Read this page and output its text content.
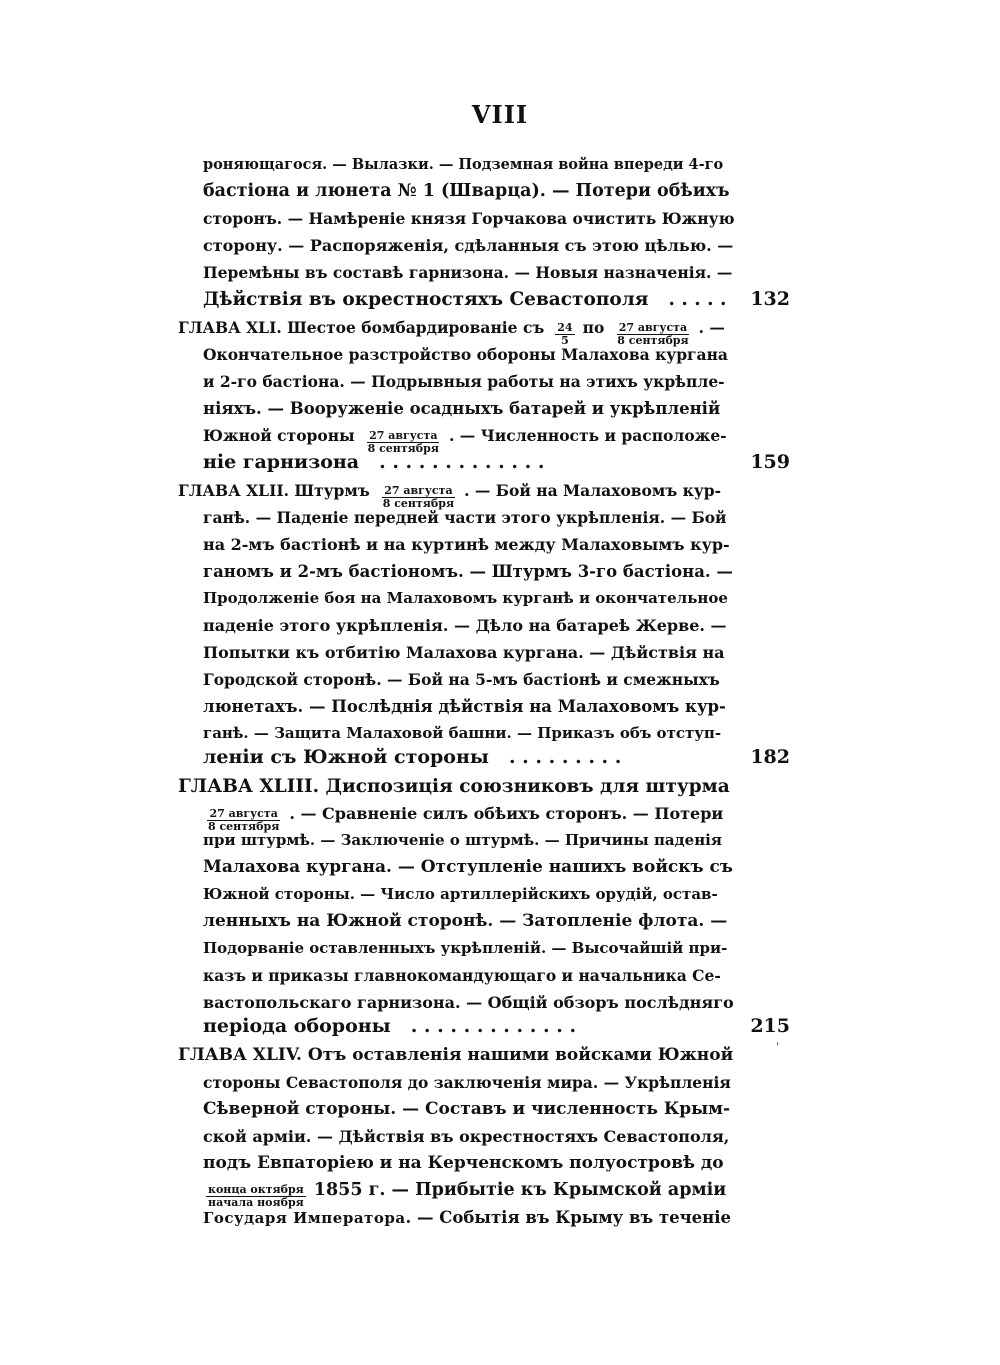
VIII
роняющагося. — Вылазки. — Подземная война впереди 4-го
бастіона и люнета № 1 (Шварца). — Потери обѣихъ
сторонъ. — Намѣреніе князя Горчакова очистить Южную
сторону. — Распоряженія, сдѣланныя съ этою цѣлью. —
Перемѣны въ составѣ гарнизона. — Новыя назначенія. —
Дѣйствія въ окрестностяхъ Севастополя . . . . . 132
ГЛАВА XLI. Шестое бомбардированіе съ $\frac{24}{5}$ по $\frac{\text{27 августа}}{\text{8 сентября}}$ . —
Окончательное разстройство обороны Малахова кургана
и 2-го бастіона. — Подрывныя работы на этихъ укрѣпле-
ніяхъ. — Вооруженіе осадныхъ батарей и укрѣпленій
Южной стороны $\frac{\text{27 августа}}{\text{8 сентября}}$ . — Численность и расположе-
ніе гарнизона . . . . . . . . . . . . .	159
ГЛАВА XLII. Штурмъ $\frac{\text{27 августа}}{\text{8 сентября}}$ . — Бой на Малаховомъ кур-
ганѣ. — Паденіе передней части этого укрѣпленія. — Бой
на 2-мъ бастіонѣ и на куртинѣ между Малаховымъ кур-
ганомъ и 2-мъ бастіономъ. — Штурмъ 3-го бастіона. —
Продолженіе боя на Малаховомъ курганѣ и окончательное
паденіе этого укрѣпленія. — Дѣло на батареѣ Жерве. —
Попытки къ отбитію Малахова кургана. — Дѣйствія на
Городской сторонѣ. — Бой на 5-мъ бастіонѣ и смежныхъ
люнетахъ. — Послѣднія дѣйствія на Малаховомъ кур-
ганѣ. — Защита Малаховой башни. — Приказъ объ отступ-
леніи съ Южной стороны . . . . . . . . .	182
ГЛАВА XLIII. Диспозиція союзниковъ для штурма
$\frac{\text{27 августа}}{\text{8 сентября}}$ . — Сравненіе силъ обѣихъ сторонъ. — Потери
при штурмѣ. — Заключеніе о штурмѣ. — Причины паденія
Малахова кургана. — Отступленіе нашихъ войскъ съ
Южной стороны. — Число артиллерійскихъ орудій, остав-
ленныхъ на Южной сторонѣ. — Затопленіе флота. —
Подорваніе оставленныхъ укрѣпленій. — Высочайшій при-
казъ и приказы главнокомандующаго и начальника Се-
вастопольскаго гарнизона. — Общій обзоръ послѣдняго
періода обороны . . . . . . . . . . . . .	215
'
ГЛАВА XLIV. Отъ оставленія нашими войсками Южной
стороны Севастополя до заключенія мира. — Укрѣпленія
Сѣверной стороны. — Составъ и численность Крым-
ской арміи. — Дѣйствія въ окрестностяхъ Севастополя,
подъ Евпаторіею и на Керченскомъ полуостровѣ до
$\frac{\text{конца октября}}{\text{начала ноября}} 1855$ г. — Прибытіе къ Крымской арміи
Государя Императора . — Событія въ Крыму въ теченіе
